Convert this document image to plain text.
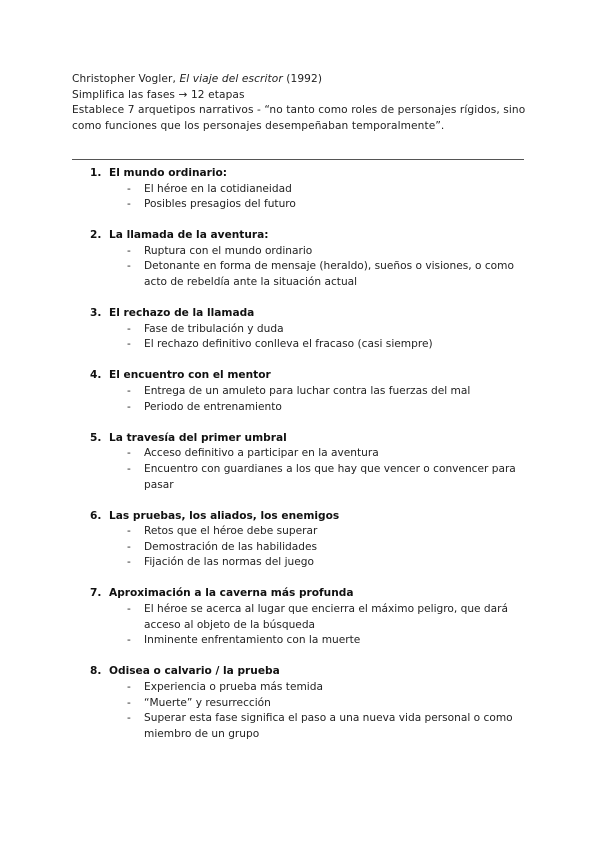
Christopher Vogler, El viaje del escritor (1992)
Simplifica las fases → 12 etapas
Establece 7 arquetipos narrativos - “no tanto como roles de personajes rígidos, sino como funciones que los personajes desempeñaban temporalmente”.
1. El mundo ordinario:
- El héroe en la cotidianeidad
- Posibles presagios del futuro
2. La llamada de la aventura:
- Ruptura con el mundo ordinario
- Detonante en forma de mensaje (heraldo), sueños o visiones, o como acto de rebeldía ante la situación actual
3. El rechazo de la llamada
- Fase de tribulación y duda
- El rechazo definitivo conlleva el fracaso (casi siempre)
4. El encuentro con el mentor
- Entrega de un amuleto para luchar contra las fuerzas del mal
- Periodo de entrenamiento
5. La travesía del primer umbral
- Acceso definitivo a participar en la aventura
- Encuentro con guardianes a los que hay que vencer o convencer para pasar
6. Las pruebas, los aliados, los enemigos
- Retos que el héroe debe superar
- Demostración de las habilidades
- Fijación de las normas del juego
7. Aproximación a la caverna más profunda
- El héroe se acerca al lugar que encierra el máximo peligro, que dará acceso al objeto de la búsqueda
- Inminente enfrentamiento con la muerte
8. Odisea o calvario / la prueba
- Experiencia o prueba más temida
- “Muerte” y resurrección
- Superar esta fase significa el paso a una nueva vida personal o como miembro de un grupo
